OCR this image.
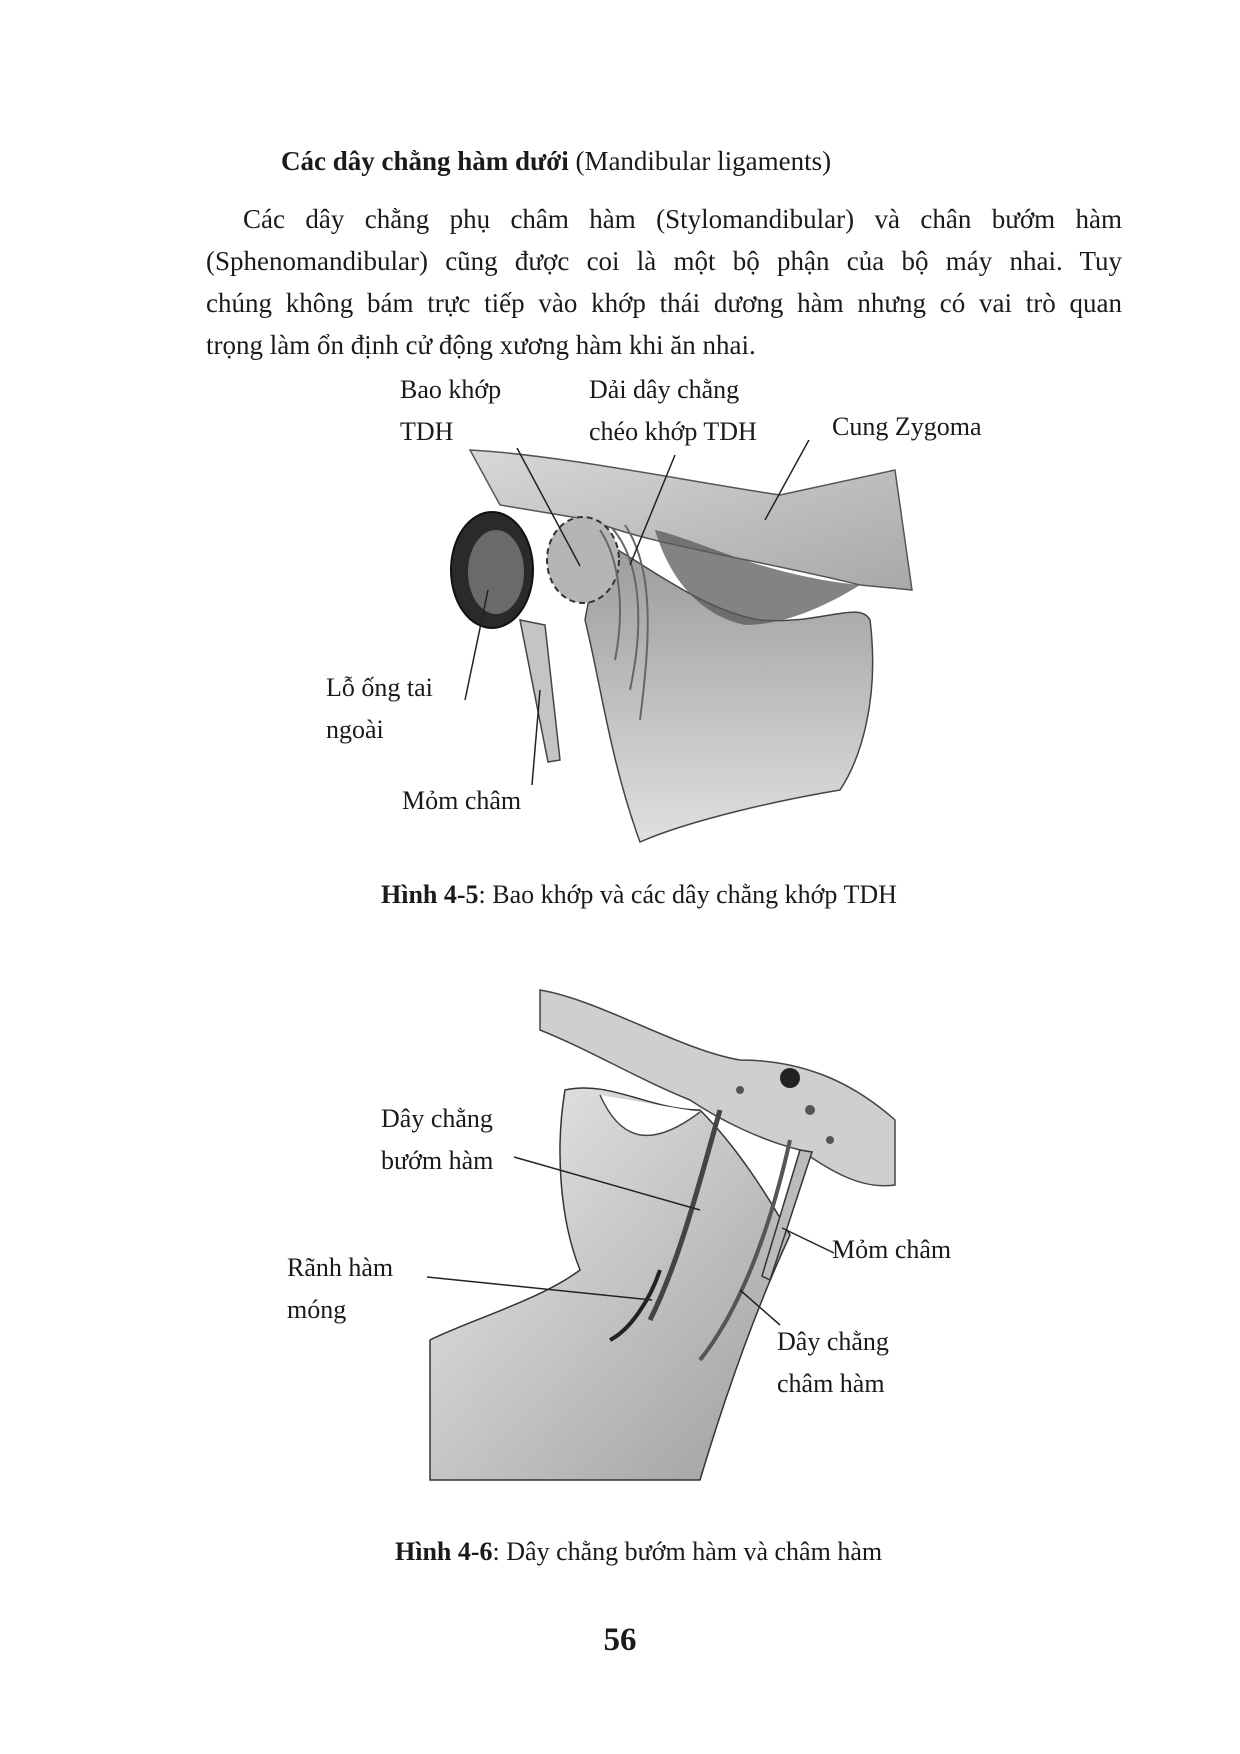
Các dây chằng hàm dưới (Mandibular ligaments)
Các dây chằng phụ châm hàm (Stylomandibular) và chân bướm hàm
(Sphenomandibular) cũng được coi là một bộ phận của bộ máy nhai. Tuy
chúng không bám trực tiếp vào khớp thái dương hàm nhưng có vai trò quan
trọng làm ổn định cử động xương hàm khi ăn nhai.
Bao khớp
TDH
Dải dây chằng
chéo khớp TDH	Cung Zygoma
Lỗ ống tai
ngoài
Mỏm châm
Hình 4-5: Bao khớp và các dây chằng khớp TDH
Dây chằng
bướm hàm
Rãnh hàm
móng
Mỏm châm
Dây chằng
châm hàm
Hình 4-6: Dây chằng bướm hàm và châm hàm
56
